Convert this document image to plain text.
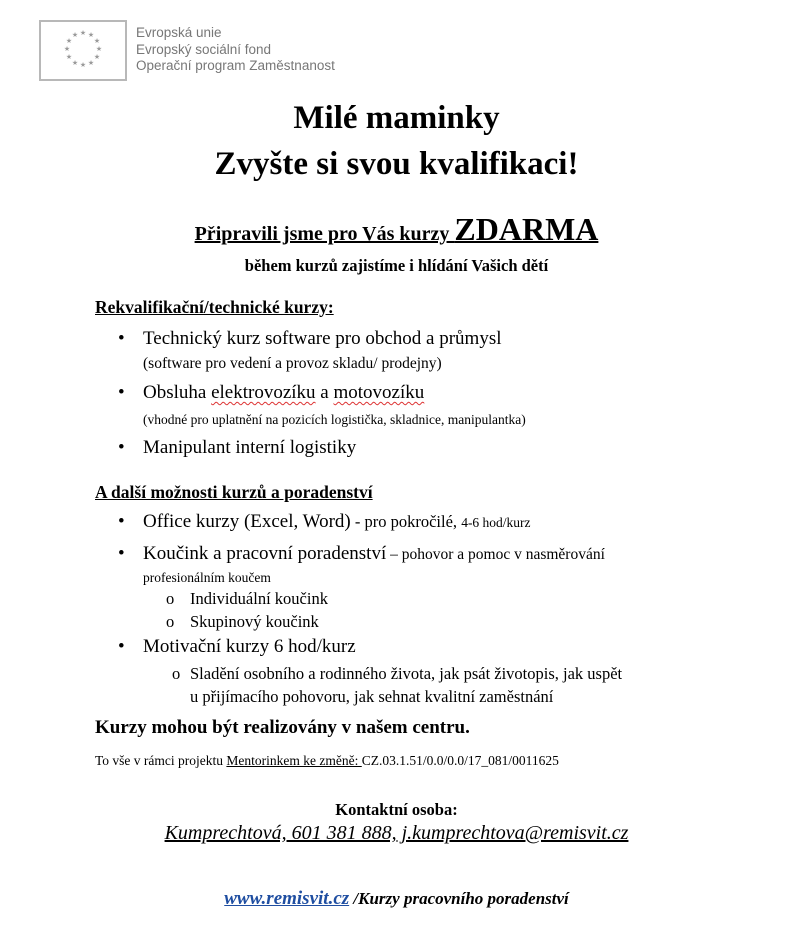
★ ★
★
★
★
★
★
★
★
★
★
★	Evropská unie
Evropský sociální fond
Operační program Zaměstnanost
Milé maminky
Zvyšte si svou kvalifikaci!
Připravili jsme pro Vás kurzy ZDARMA
během kurzů zajistíme i hlídání Vašich dětí
Rekvalifikační/technické kurzy:
• Technický kurz software pro obchod a průmysl
(software pro vedení a provoz skladu/ prodejny)
• Obsluha elektrovozíku a motovozíku
(vhodné pro uplatnění na pozicích logistička, skladnice, manipulantka)
• Manipulant interní logistiky
A další možnosti kurzů a poradenství
• Office kurzy (Excel, Word) - pro pokročilé, 4-6 hod/kurz
• Koučink a pracovní poradenství – pohovor a pomoc v nasměrování
profesionálním koučem
o Individuální koučink
o Skupinový koučink
• Motivační kurzy 6 hod/kurz
o Sladění osobního a rodinného života, jak psát životopis, jak uspět
u přijímacího pohovoru, jak sehnat kvalitní zaměstnání
Kurzy mohou být realizovány v našem centru.
To vše v rámci projektu Mentorinkem ke změně: CZ.03.1.51/0.0/0.0/17_081/0011625
Kontaktní osoba:
Kumprechtová, 601 381 888, j.kumprechtova@remisvit.cz
www.remisvit.cz /Kurzy pracovního poradenství
